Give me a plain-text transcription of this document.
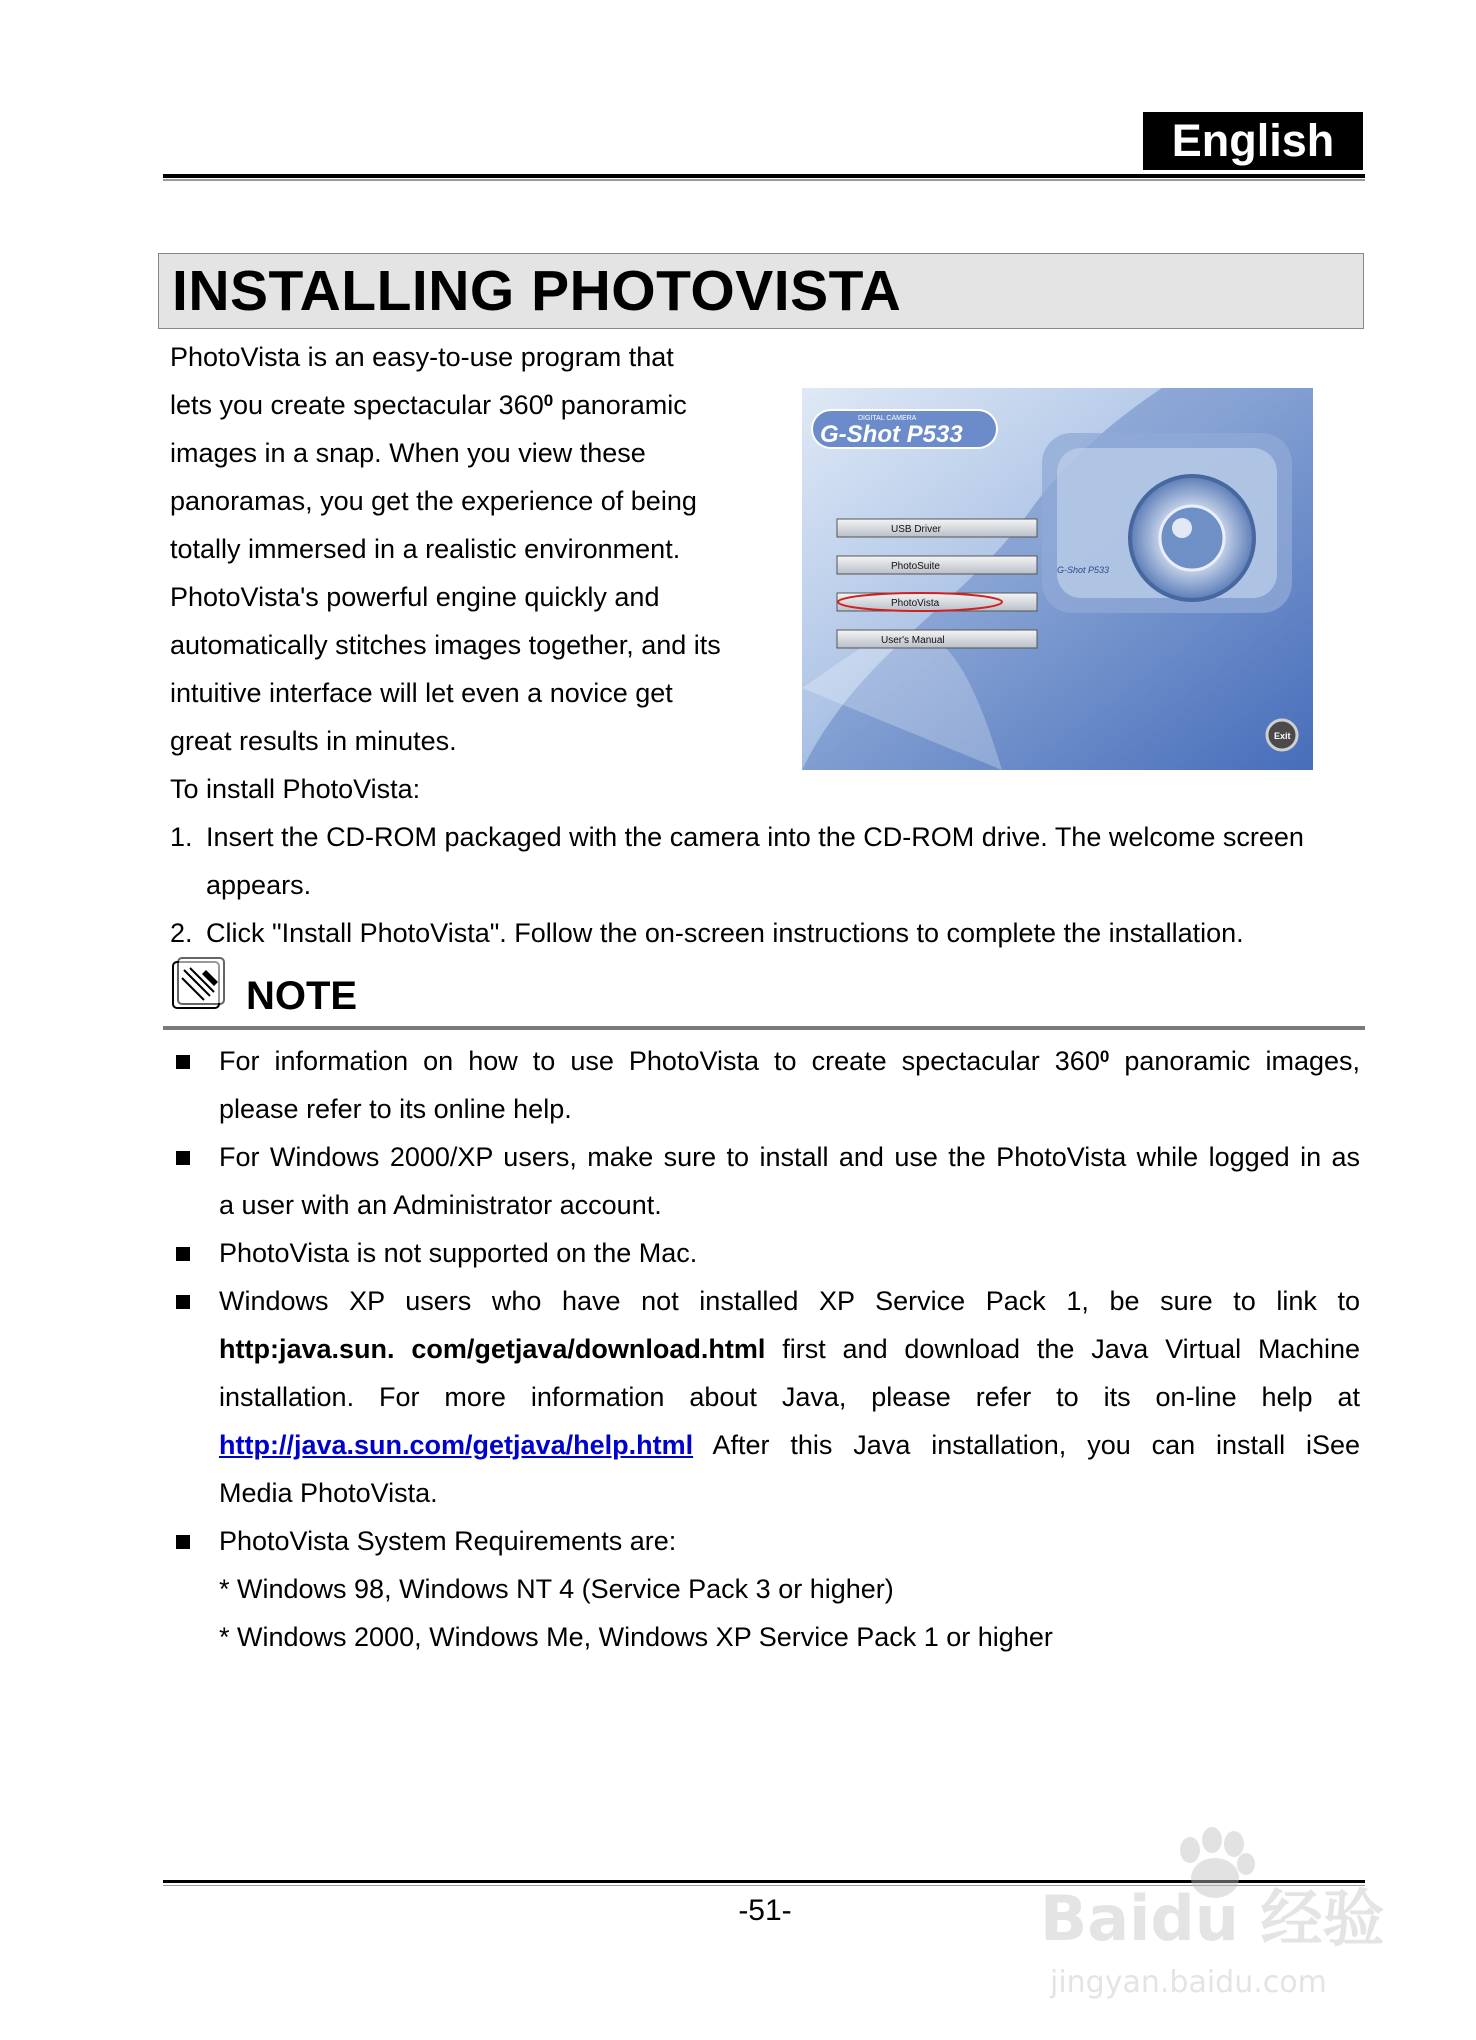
English
INSTALLING PHOTOVISTA
PhotoVista is an easy-to-use program that
lets you create spectacular $360^0$ panoramic
images in a snap. When you view these
panoramas, you get the experience of being
totally immersed in a realistic environment.
PhotoVista's powerful engine quickly and
automatically stitches images together, and its
intuitive interface will let even a novice get
great results in minutes.
G-Shot P533
DIGITAL CAMERA
G-Shot P533
USB Driver
PhotoSuite
PhotoVista
User's Manual
Exit
To install PhotoVista:
1. Insert the CD-ROM packaged with the camera into the CD-ROM drive. The welcome screen
appears.
2. Click "Install PhotoVista". Follow the on-screen instructions to complete the installation.
NOTE
For information on how to use PhotoVista to create spectacular $360^0$ panoramic images,
please refer to its online help.
For Windows 2000/XP users, make sure to install and use the PhotoVista while logged in as
a user with an Administrator account.
PhotoVista is not supported on the Mac.
Windows XP users who have not installed XP Service Pack 1, be sure to link to
http:java.sun. com/getjava/download.html first and download the Java Virtual Machine
installation. For more information about Java, please refer to its on-line help at
http://java.sun.com/getjava/help.html After this Java installation, you can install iSee
Media PhotoVista.
PhotoVista System Requirements are:
* Windows 98, Windows NT 4 (Service Pack 3 or higher)
* Windows 2000, Windows Me, Windows XP Service Pack 1 or higher
-51-	Baidu 经验
jingyan.baidu.com
